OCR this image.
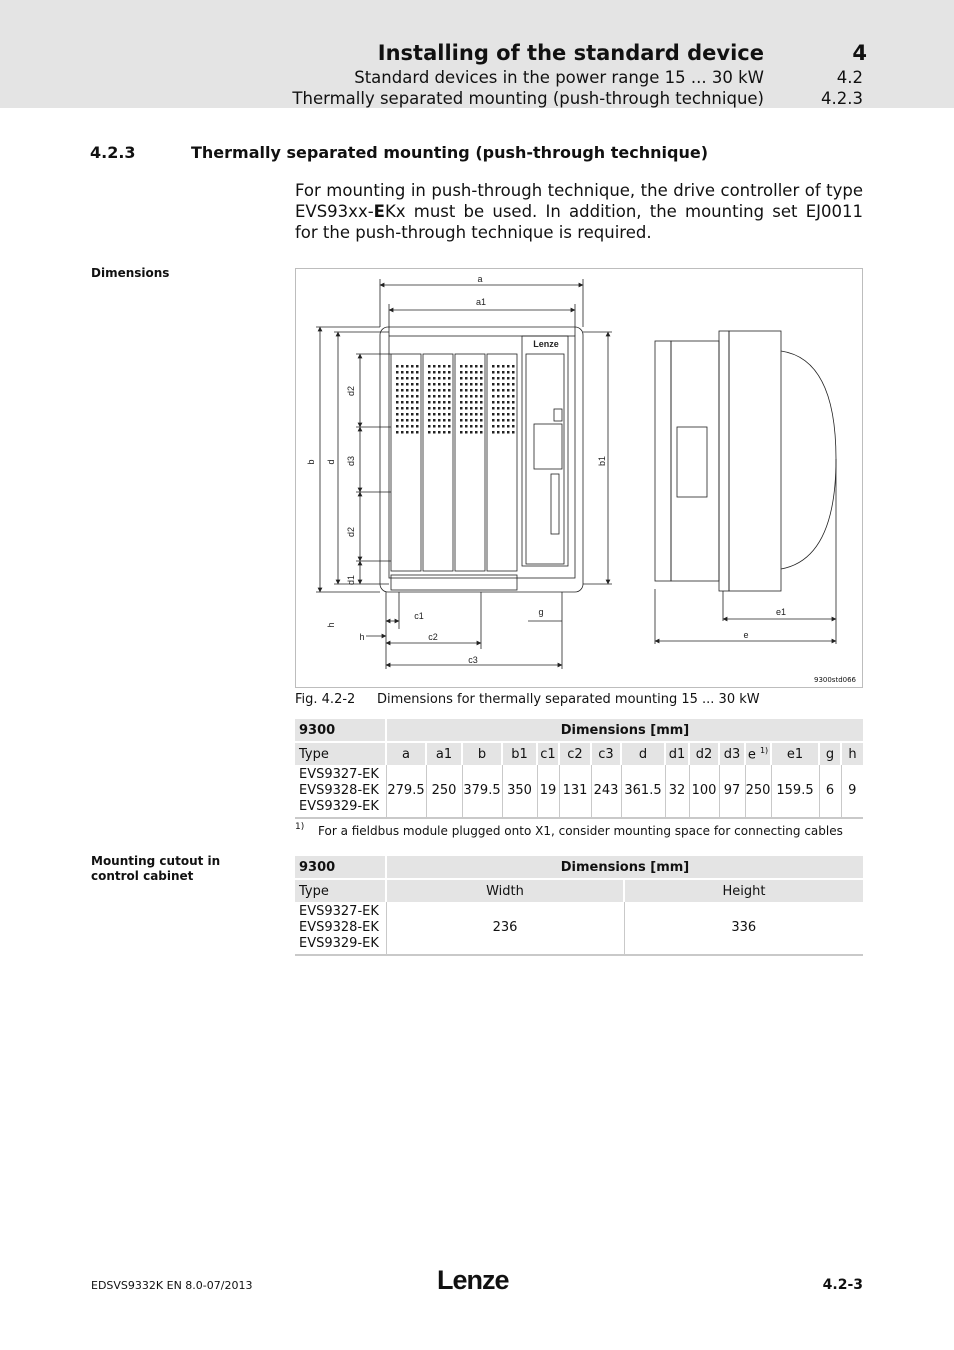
Installing of the standard device	4
Standard devices in the power range 15 ... 30 kW	4.2
Thermally separated mounting (push-through technique)	4.2.3
4.2.3	Thermally separated mounting (push-through technique)

For mounting in push-through technique, the drive controller of type EVS93xx-EKx must be used. In addition, the mounting set EJ0011 for the push-through technique is required.

Dimensions	a
a1
b d
d2
d3
d2
d1
b1
c1
c2
c3
g
h
h
e1
e
Lenze
9300std066
Fig. 4.2-2 Dimensions for thermally separated mounting 15 ... 30 kW
9300	Dimensions [mm]														

Type	a	a1	b	b1	c1	c2	c3	d	d1	d2	d3	e $^{1)}$	e1	g	h
EVS9327-EK
EVS9328-EK
EVS9329-EK	279.5	250	379.5	350	19	131	243	361.5	32	100	97	250	159.5	6	9
1) For a fieldbus module plugged onto X1, consider mounting space for connecting cables
Mounting cutout in control cabinet
9300	Dimensions [mm]	

Type	Width	Height
EVS9327-EK
EVS9328-EK
EVS9329-EK	236	336
EDSVS9332K EN 8.0-07/2013	Lenze	4.2-3
